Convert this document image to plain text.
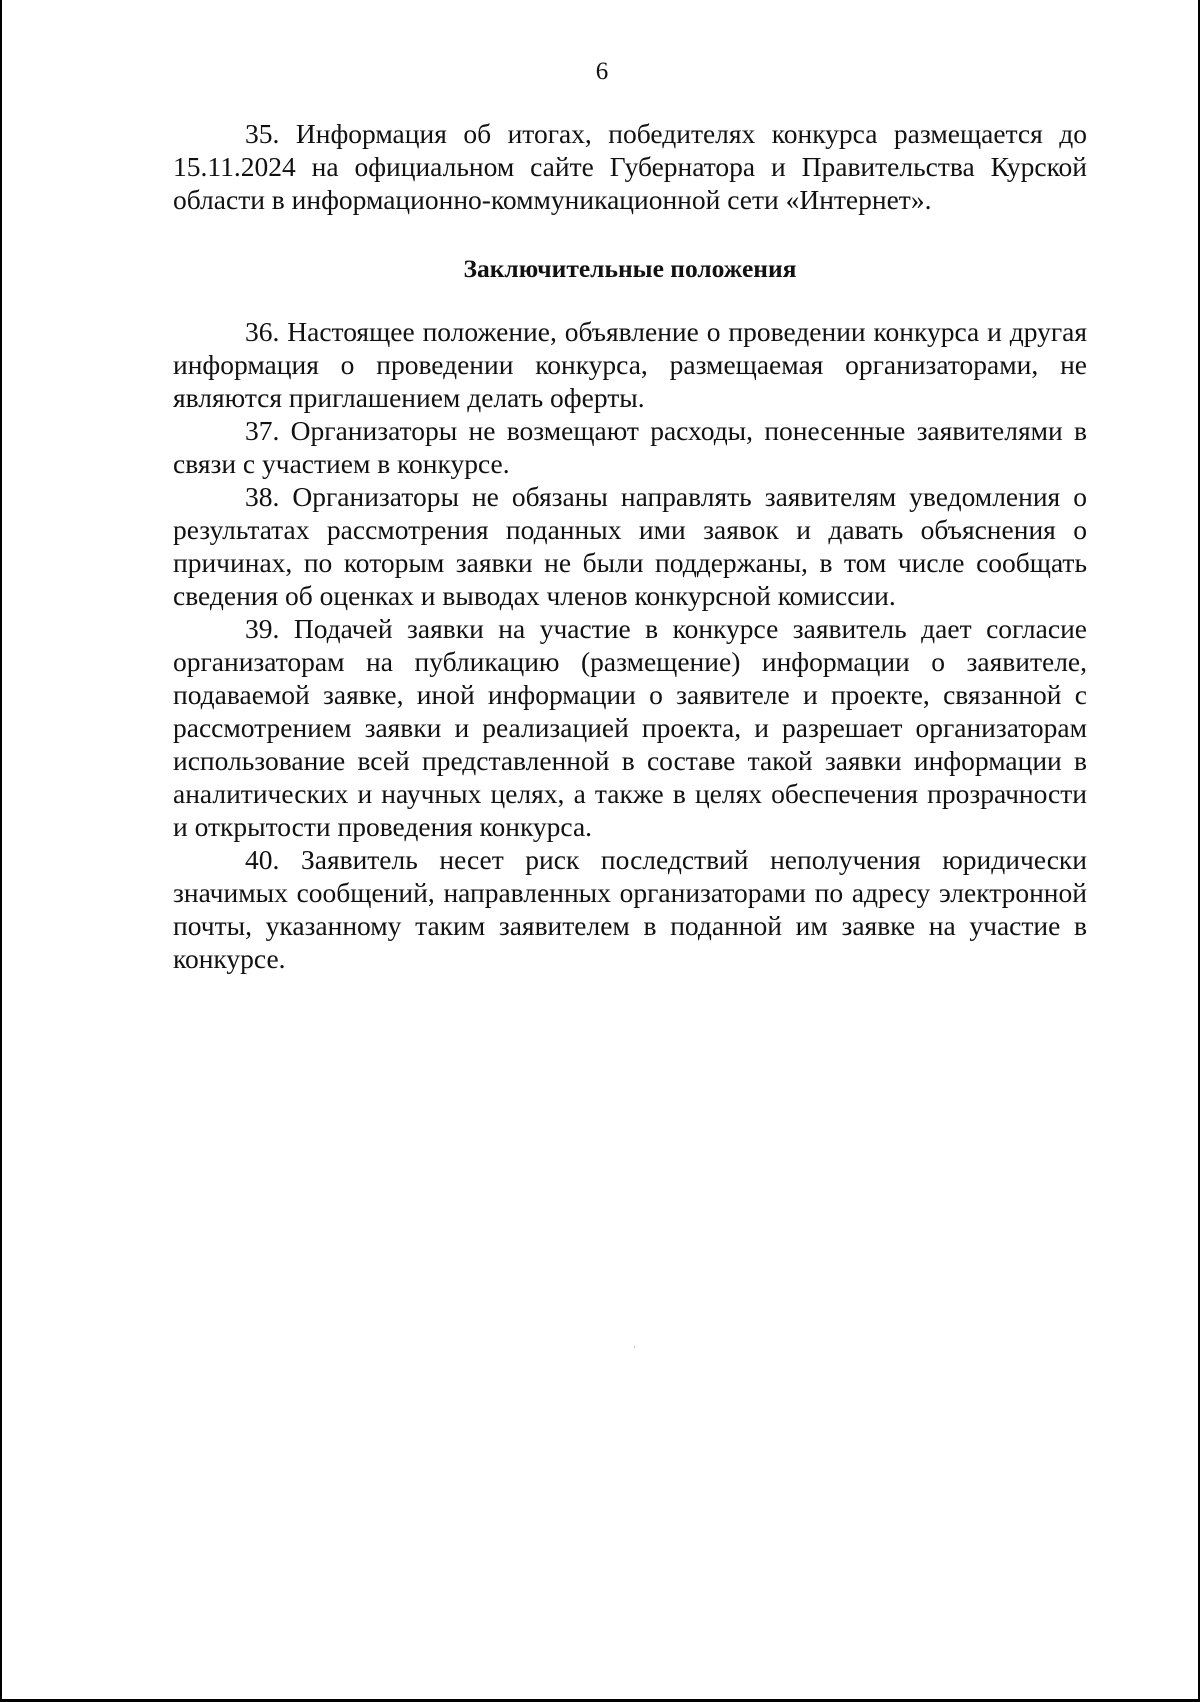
6

35. Информация об итогах, победителях конкурса размещается до 15.11.2024 на официальном сайте Губернатора и Правительства Курской области в информационно-коммуникационной сети «Интернет».

Заключительные положения

36. Настоящее положение, объявление о проведении конкурса и другая информация о проведении конкурса, размещаемая организаторами, не являются приглашением делать оферты.

37. Организаторы не возмещают расходы, понесенные заявителями в связи с участием в конкурсе.

38. Организаторы не обязаны направлять заявителям уведомления о результатах рассмотрения поданных ими заявок и давать объяснения о причинах, по которым заявки не были поддержаны, в том числе сообщать сведения об оценках и выводах членов конкурсной комиссии.

39. Подачей заявки на участие в конкурсе заявитель дает согласие организаторам на публикацию (размещение) информации о заявителе, подаваемой заявке, иной информации о заявителе и проекте, связанной с рассмотрением заявки и реализацией проекта, и разрешает организаторам использование всей представленной в составе такой заявки информации в аналитических и научных целях, а также в целях обеспечения прозрачности и открытости проведения конкурса.

40. Заявитель несет риск последствий неполучения юридически значимых сообщений, направленных организаторами по адресу электронной почты, указанному таким заявителем в поданной им заявке на участие в конкурсе.
